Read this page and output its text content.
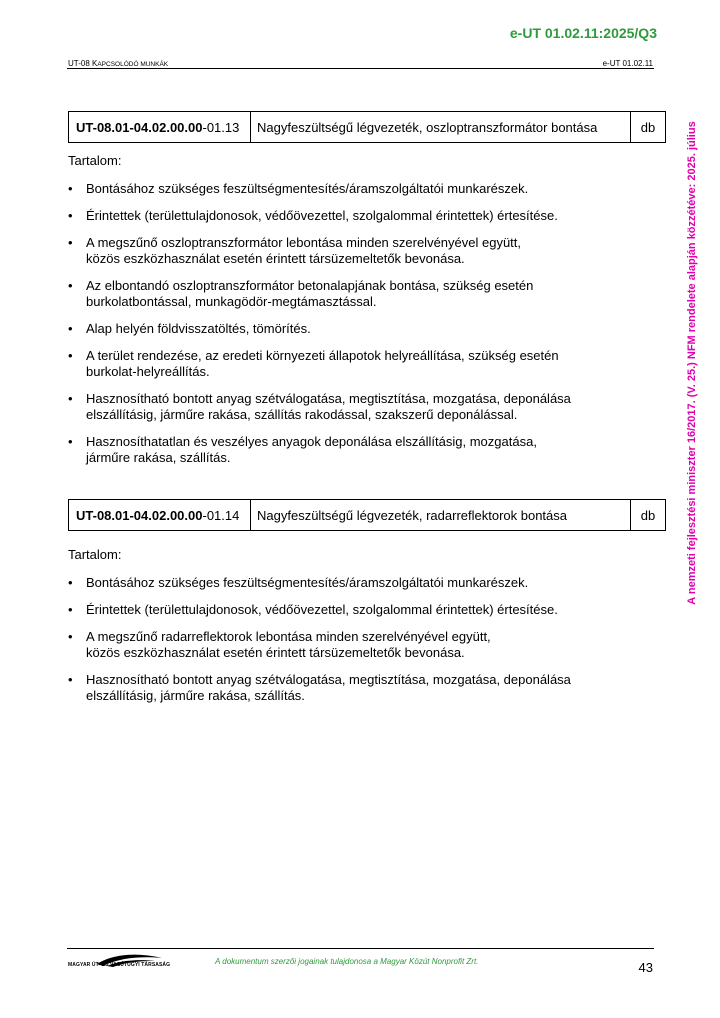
e-UT 01.02.11:2025/Q3
UT-08 KAPCSOLÓDÓ MUNKÁK	e-UT 01.02.11
UT-08.01-04.02.00.00 -01.13	Nagyfeszültségű légvezeték, oszloptranszformátor bontása	db
Tartalom:
• Bontásához szükséges feszültségmentesítés/áramszolgáltatói munkarészek.
• Érintettek (területtulajdonosok, védőövezettel, szolgalommal érintettek) értesítése.
• A megszűnő oszloptranszformátor lebontása minden szerelvényével együtt,
közös eszközhasználat esetén érintett társüzemeltetők bevonása.
• Az elbontandó oszloptranszformátor betonalapjának bontása, szükség esetén
burkolatbontással, munkagödör-megtámasztással.
• Alap helyén földvisszatöltés, tömörítés.
• A terület rendezése, az eredeti környezeti állapotok helyreállítása, szükség esetén
burkolat-helyreállítás.
• Hasznosítható bontott anyag szétválogatása, megtisztítása, mozgatása, deponálása
elszállításig, járműre rakása, szállítás rakodással, szakszerű deponálással.
• Hasznosíthatatlan és veszélyes anyagok deponálása elszállításig, mozgatása,
járműre rakása, szállítás.
UT-08.01-04.02.00.00 -01.14	Nagyfeszültségű légvezeték, radarreflektorok bontása	db
Tartalom:
• Bontásához szükséges feszültségmentesítés/áramszolgáltatói munkarészek.
• Érintettek (területtulajdonosok, védőövezettel, szolgalommal érintettek) értesítése.
• A megszűnő radarreflektorok lebontása minden szerelvényével együtt,
közös eszközhasználat esetén érintett társüzemeltetők bevonása.
• Hasznosítható bontott anyag szétválogatása, megtisztítása, mozgatása, deponálása
elszállításig, járműre rakása, szállítás.
A nemzeti fejlesztési miniszter 16/2017. (V. 25.) NFM rendelete alapján közzétéve: 2025. július
MAGYAR ÚT- ÉS VASÚTÜGYI TÁRSASÁG	A dokumentum szerzői jogainak tulajdonosa a Magyar Közút Nonprofit Zrt.	43
